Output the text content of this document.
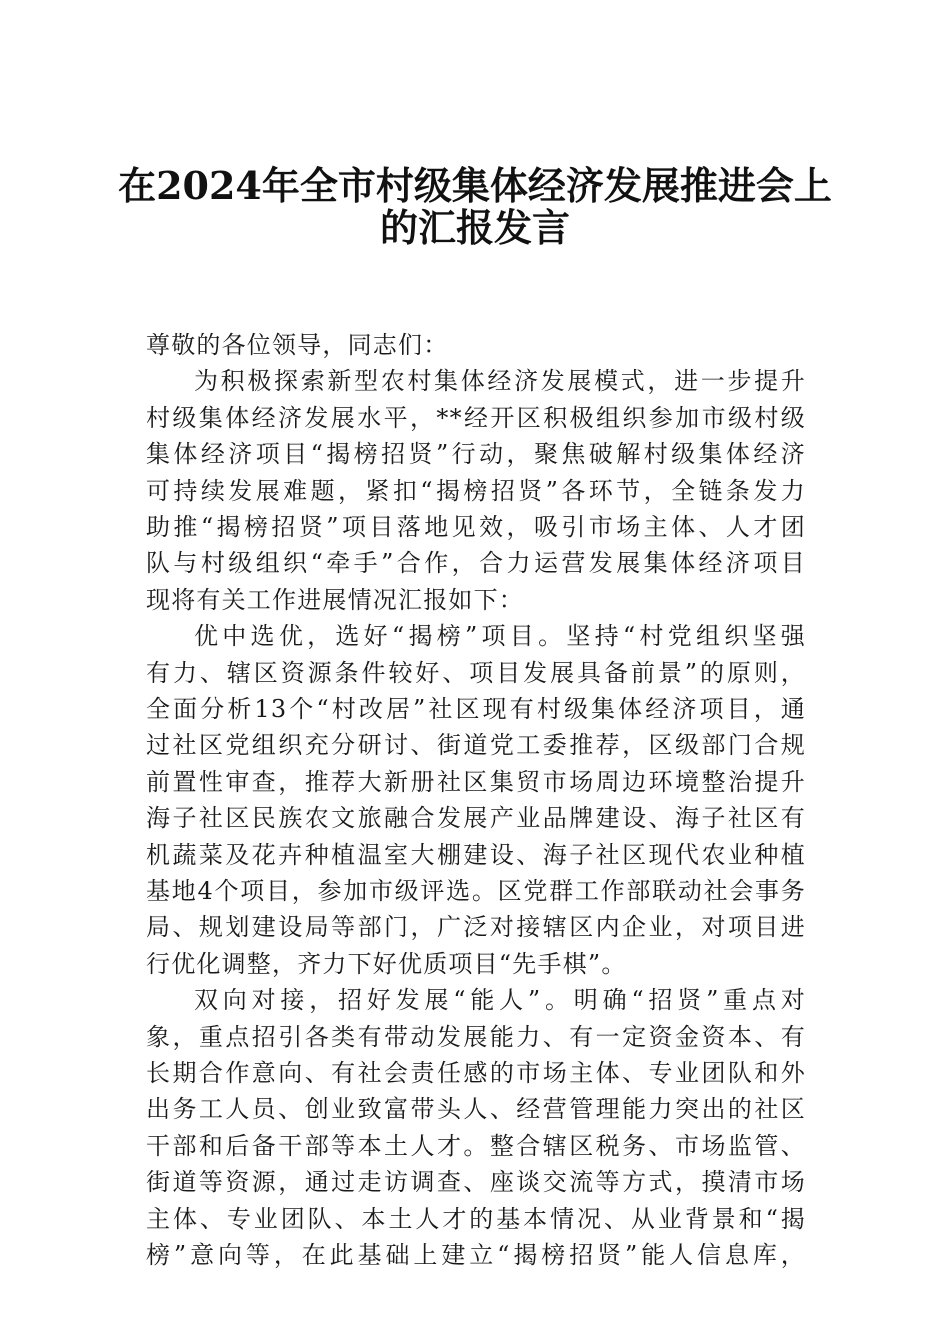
在2024年全市村级集体经济发展推进会上
的汇报发言
尊敬的各位领导，同志们：
为积极探索新型农村集体经济发展模式，进一步提升
村级集体经济发展水平，**经开区积极组织参加市级村级
集体经济项目“揭榜招贤”行动，聚焦破解村级集体经济
可持续发展难题，紧扣“揭榜招贤”各环节，全链条发力
助推“揭榜招贤”项目落地见效，吸引市场主体、人才团
队与村级组织“牵手”合作，合力运营发展集体经济项目
现将有关工作进展情况汇报如下：
优中选优，选好“揭榜”项目。坚持“村党组织坚强
有力、辖区资源条件较好、项目发展具备前景”的原则，
全面分析13个“村改居”社区现有村级集体经济项目，通
过社区党组织充分研讨、街道党工委推荐，区级部门合规
前置性审查，推荐大新册社区集贸市场周边环境整治提升
海子社区民族农文旅融合发展产业品牌建设、海子社区有
机蔬菜及花卉种植温室大棚建设、海子社区现代农业种植
基地4个项目，参加市级评选。区党群工作部联动社会事务
局、规划建设局等部门，广泛对接辖区内企业，对项目进
行优化调整，齐力下好优质项目“先手棋”。
双向对接，招好发展“能人”。明确“招贤”重点对
象，重点招引各类有带动发展能力、有一定资金资本、有
长期合作意向、有社会责任感的市场主体、专业团队和外
出务工人员、创业致富带头人、经营管理能力突出的社区
干部和后备干部等本土人才。整合辖区税务、市场监管、
街道等资源，通过走访调查、座谈交流等方式，摸清市场
主体、专业团队、本土人才的基本情况、从业背景和“揭
榜”意向等，在此基础上建立“揭榜招贤”能人信息库，
